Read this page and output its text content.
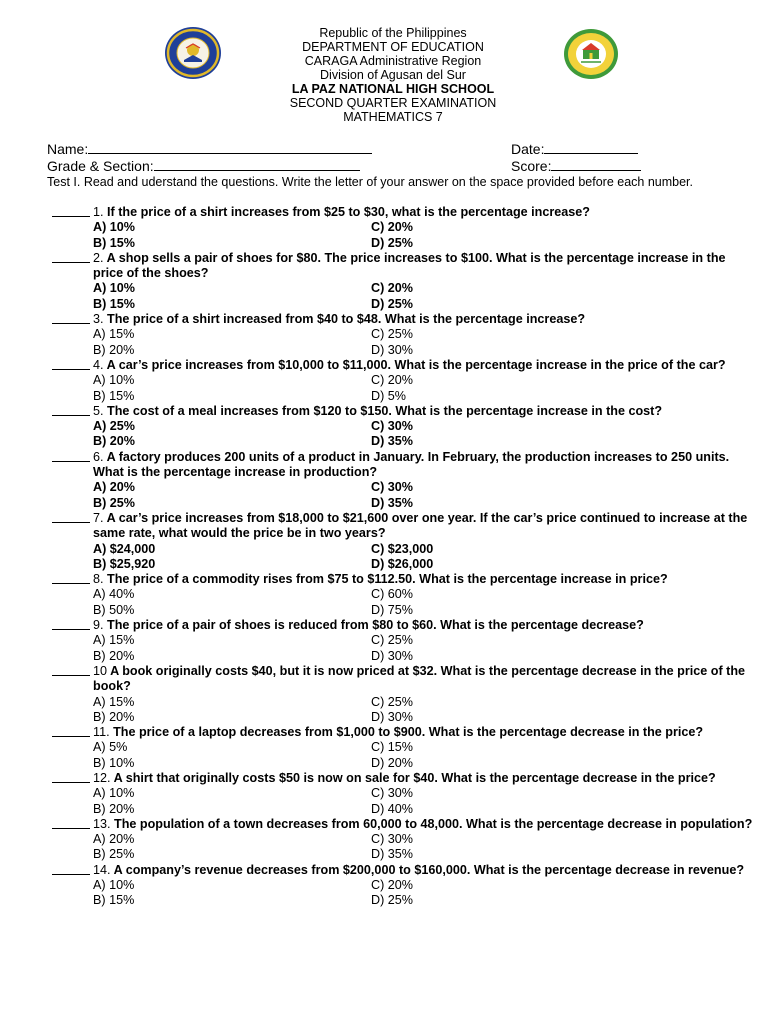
Republic of the Philippines
DEPARTMENT OF EDUCATION
CARAGA Administrative Region
Division of Agusan del Sur
LA PAZ NATIONAL HIGH SCHOOL
SECOND QUARTER EXAMINATION
MATHEMATICS 7
Name:	Date:
Grade & Section:	Score:
Test I. Read and uderstand the questions. Write the letter of your answer on the space provided before each number.
1. If the price of a shirt increases from $25 to $30, what is the percentage increase?
A) 10%	C) 20%
B) 15%	D) 25%
2. A shop sells a pair of shoes for $80. The price increases to $100. What is the percentage increase in the price of the shoes?
A) 10%	C) 20%
B) 15%	D) 25%
3. The price of a shirt increased from $40 to $48. What is the percentage increase?
A) 15%	C) 25%
B) 20%	D) 30%
4. A car’s price increases from $10,000 to $11,000. What is the percentage increase in the price of the car?
A) 10%	C) 20%
B) 15%	D) 5%
5. The cost of a meal increases from $120 to $150. What is the percentage increase in the cost?
A) 25%	C) 30%
B) 20%	D) 35%
6. A factory produces 200 units of a product in January. In February, the production increases to 250 units. What is the percentage increase in production?
A) 20%	C) 30%
B) 25%	D) 35%
7. A car’s price increases from $18,000 to $21,600 over one year. If the car’s price continued to increase at the same rate, what would the price be in two years?
A) $24,000	C) $23,000
B) $25,920	D) $26,000
8. The price of a commodity rises from $75 to $112.50. What is the percentage increase in price?
A) 40%	C) 60%
B) 50%	D) 75%
9. The price of a pair of shoes is reduced from $80 to $60. What is the percentage decrease?
A) 15%	C) 25%
B) 20%	D) 30%
10 A book originally costs $40, but it is now priced at $32. What is the percentage decrease in the price of the book?
A) 15%	C) 25%
B) 20%	D) 30%
11. The price of a laptop decreases from $1,000 to $900. What is the percentage decrease in the price?
A) 5%	C) 15%
B) 10%	D) 20%
12. A shirt that originally costs $50 is now on sale for $40. What is the percentage decrease in the price?
A) 10%	C) 30%
B) 20%	D) 40%
13. The population of a town decreases from 60,000 to 48,000. What is the percentage decrease in population?
A) 20%	C) 30%
B) 25%	D) 35%
14. A company’s revenue decreases from $200,000 to $160,000. What is the percentage decrease in revenue?
A) 10%	C) 20%
B) 15%	D) 25%
